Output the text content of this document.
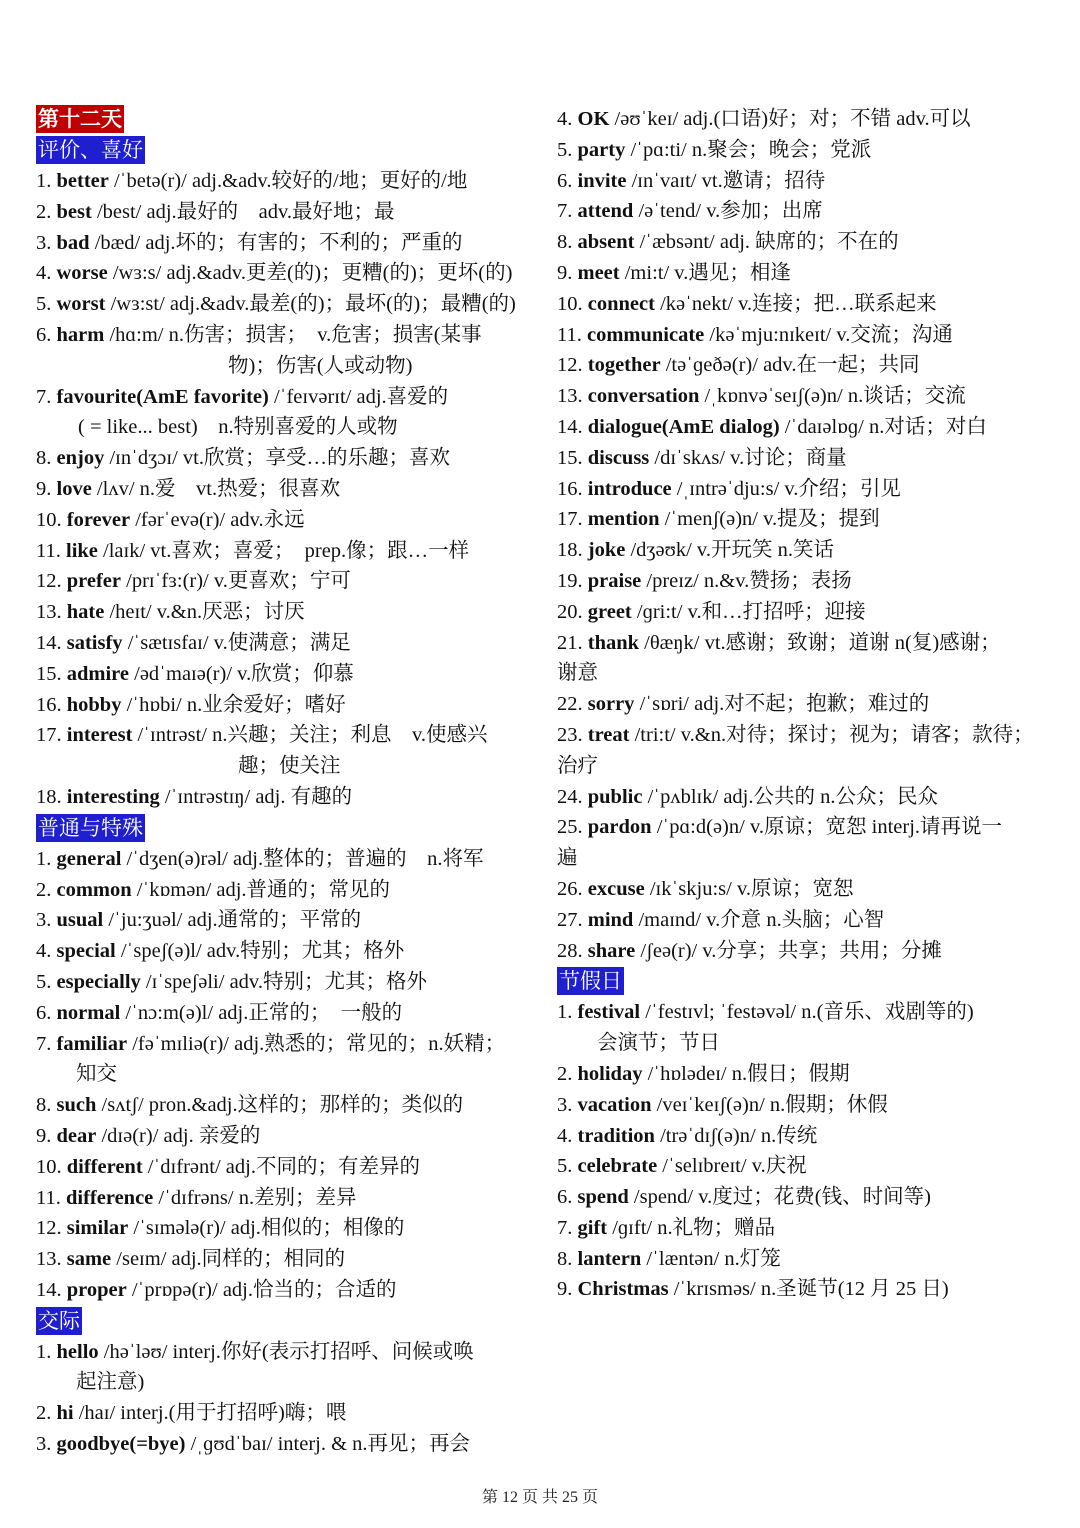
第十二天
评价、喜好
1. better /ˈbetə(r)/ adj.&adv.较好的/地；更好的/地
2. best /best/ adj.最好的　adv.最好地；最
3. bad /bæd/ adj.坏的；有害的；不利的；严重的
4. worse /wɜ:s/ adj.&adv.更差(的)；更糟(的)；更坏(的)
5. worst /wɜ:st/ adj.&adv.最差(的)；最坏(的)；最糟(的)
6. harm /hɑ:m/ n.伤害；损害；　v.危害；损害(某事
物)；伤害(人或动物)
7. favourite(AmE favorite) /ˈfeɪvərɪt/ adj.喜爱的
( = like... best)　n.特别喜爱的人或物
8. enjoy /ɪnˈdʒɔɪ/ vt.欣赏；享受…的乐趣；喜欢
9. love /lʌv/ n.爱　vt.热爱；很喜欢
10. forever /fərˈevə(r)/ adv.永远
11. like /laɪk/ vt.喜欢；喜爱；　prep.像；跟…一样
12. prefer /prɪˈfɜ:(r)/ v.更喜欢；宁可
13. hate /heɪt/ v.&n.厌恶；讨厌
14. satisfy /ˈsætɪsfaɪ/ v.使满意；满足
15. admire /ədˈmaɪə(r)/ v.欣赏；仰慕
16. hobby /ˈhɒbi/ n.业余爱好；嗜好
17. interest /ˈɪntrəst/ n.兴趣；关注；利息　v.使感兴
趣；使关注
18. interesting /ˈɪntrəstɪŋ/ adj. 有趣的
普通与特殊
1. general /ˈdʒen(ə)rəl/ adj.整体的；普遍的　n.将军
2. common /ˈkɒmən/ adj.普通的；常见的
3. usual /ˈju:ʒuəl/ adj.通常的；平常的
4. special /ˈspeʃ(ə)l/ adv.特别；尤其；格外
5. especially /ɪˈspeʃəli/ adv.特别；尤其；格外
6. normal /ˈnɔ:m(ə)l/ adj.正常的；　一般的
7. familiar /fəˈmɪliə(r)/ adj.熟悉的；常见的；n.妖精；
知交
8. such /sʌtʃ/ pron.&adj.这样的；那样的；类似的
9. dear /dɪə(r)/ adj. 亲爱的
10. different /ˈdɪfrənt/ adj.不同的；有差异的
11. difference /ˈdɪfrəns/ n.差别；差异
12. similar /ˈsɪmələ(r)/ adj.相似的；相像的
13. same /seɪm/ adj.同样的；相同的
14. proper /ˈprɒpə(r)/ adj.恰当的；合适的
交际
1. hello /həˈləʊ/ interj.你好(表示打招呼、问候或唤
起注意)
2. hi /haɪ/ interj.(用于打招呼)嗨；喂
3. goodbye(=bye) /ˌɡʊdˈbaɪ/ interj. & n.再见；再会
4. OK /əʊˈkeɪ/ adj.(口语)好；对；不错 adv.可以
5. party /ˈpɑ:ti/ n.聚会；晚会；党派
6. invite /ɪnˈvaɪt/ vt.邀请；招待
7. attend /əˈtend/ v.参加；出席
8. absent /ˈæbsənt/ adj. 缺席的；不在的
9. meet /mi:t/ v.遇见；相逢
10. connect /kəˈnekt/ v.连接；把…联系起来
11. communicate /kəˈmju:nɪkeɪt/ v.交流；沟通
12. together /təˈɡeðə(r)/ adv.在一起；共同
13. conversation /ˌkɒnvəˈseɪʃ(ə)n/ n.谈话；交流
14. dialogue(AmE dialog) /ˈdaɪəlɒɡ/ n.对话；对白
15. discuss /dɪˈskʌs/ v.讨论；商量
16. introduce /ˌɪntrəˈdju:s/ v.介绍；引见
17. mention /ˈmenʃ(ə)n/ v.提及；提到
18. joke /dʒəʊk/ v.开玩笑 n.笑话
19. praise /preɪz/ n.&v.赞扬；表扬
20. greet /ɡri:t/ v.和…打招呼；迎接
21. thank /θæŋk/ vt.感谢；致谢；道谢 n(复)感谢；
谢意
22. sorry /ˈsɒri/ adj.对不起；抱歉；难过的
23. treat /tri:t/ v.&n.对待；探讨；视为；请客；款待；
治疗
24. public /ˈpʌblɪk/ adj.公共的 n.公众；民众
25. pardon /ˈpɑ:d(ə)n/ v.原谅；宽恕 interj.请再说一
遍
26. excuse /ɪkˈskju:s/ v.原谅；宽恕
27. mind /maɪnd/ v.介意 n.头脑；心智
28. share /ʃeə(r)/ v.分享；共享；共用；分摊
节假日
1. festival /ˈfestɪvl; ˈfestəvəl/ n.(音乐、戏剧等的)
会演节；节日
2. holiday /ˈhɒlədeɪ/ n.假日；假期
3. vacation /veɪˈkeɪʃ(ə)n/ n.假期；休假
4. tradition /trəˈdɪʃ(ə)n/ n.传统
5. celebrate /ˈselɪbreɪt/ v.庆祝
6. spend /spend/ v.度过；花费(钱、时间等)
7. gift /ɡɪft/ n.礼物；赠品
8. lantern /ˈlæntən/ n.灯笼
9. Christmas /ˈkrɪsməs/ n.圣诞节(12 月 25 日)
第 12 页 共 25 页
